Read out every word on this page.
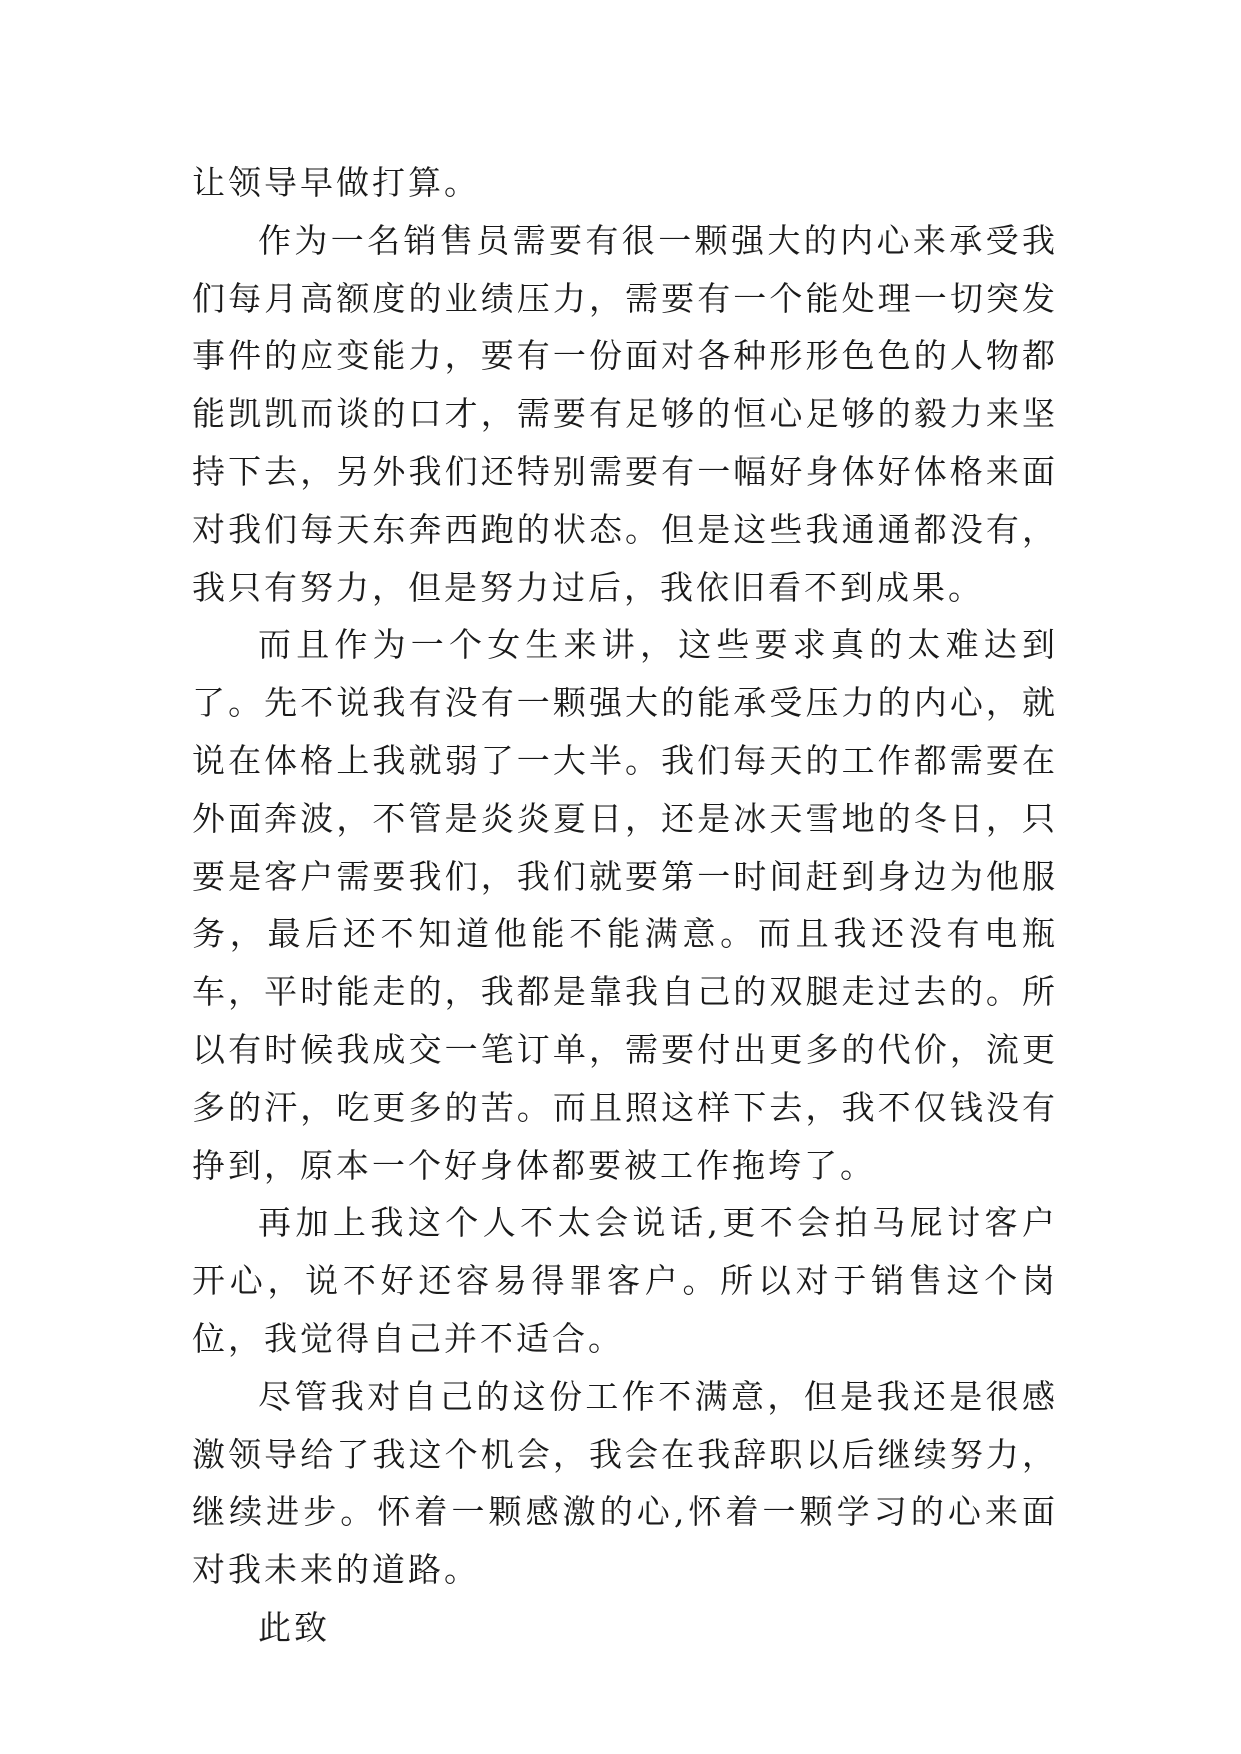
让领导早做打算。

作为一名销售员需要有很一颗强大的内心来承受我们每月高额度的业绩压力，需要有一个能处理一切突发事件的应变能力，要有一份面对各种形形色色的人物都能凯凯而谈的口才，需要有足够的恒心足够的毅力来坚持下去，另外我们还特别需要有一幅好身体好体格来面对我们每天东奔西跑的状态。但是这些我通通都没有，我只有努力，但是努力过后，我依旧看不到成果。

而且作为一个女生来讲，这些要求真的太难达到了。先不说我有没有一颗强大的能承受压力的内心，就说在体格上我就弱了一大半。我们每天的工作都需要在外面奔波，不管是炎炎夏日，还是冰天雪地的冬日，只要是客户需要我们，我们就要第一时间赶到身边为他服务，最后还不知道他能不能满意。而且我还没有电瓶车，平时能走的，我都是靠我自己的双腿走过去的。所以有时候我成交一笔订单，需要付出更多的代价，流更多的汗，吃更多的苦。而且照这样下去，我不仅钱没有挣到，原本一个好身体都要被工作拖垮了。

再加上我这个人不太会说话,更不会拍马屁讨客户开心，说不好还容易得罪客户。所以对于销售这个岗位，我觉得自己并不适合。

尽管我对自己的这份工作不满意，但是我还是很感激领导给了我这个机会，我会在我辞职以后继续努力，继续进步。怀着一颗感激的心,怀着一颗学习的心来面对我未来的道路。

此致
